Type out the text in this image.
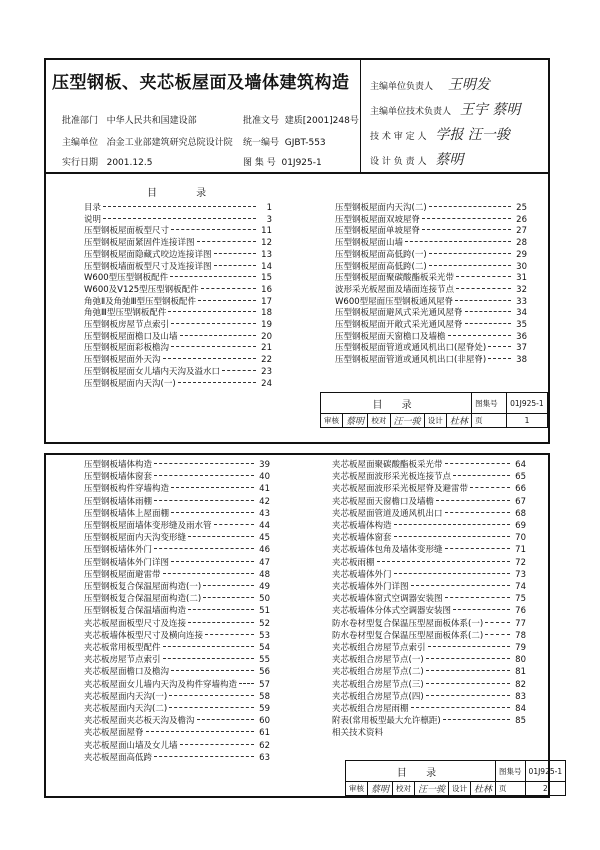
压型钢板、夹芯板屋面及墙体建筑构造
批准部门 中华人民共和国建设部	批准文号 建质[2001]248号
主编单位 冶金工业部建筑研究总院设计院 统一编号 GJBT-553
实行日期 2001.12.5	图 集 号 01J925-1
主编单位负责人 王明发
主编单位技术负责人 王宇 蔡明
技 术 审 定 人 学报 汪一骏
设 计 负 责 人 蔡明
目 录
目录	1
说明	3
压型钢板屋面板型尺寸	11
压型钢板屋面紧固件连接详图	12
压型钢板屋面隐藏式咬边连接详图	13
压型钢板墙面板型尺寸及连接详图	14
W600型压型钢板配件	15
W600及V125型压型钢板配件	16
角弛Ⅱ及角弛Ⅲ型压型钢板配件	17
角弛Ⅲ型压型钢板配件	18
压型钢板房屋节点索引	19
压型钢板屋面檐口及山墙	20
压型钢板屋面彩板檐沟	21
压型钢板屋面外天沟	22
压型钢板屋面女儿墙内天沟及溢水口	23
压型钢板屋面内天沟(一)	24
压型钢板屋面内天沟(二)	25
压型钢板屋面双坡屋脊	26
压型钢板屋面单坡屋脊	27
压型钢板屋面山墙	28
压型钢板屋面高低跨(一)	29
压型钢板屋面高低跨(二)	30
压型钢板屋面聚碳酸酯板采光带	31
波形采光板屋面及墙面连接节点	32
W600型屋面压型钢板通风屋脊	33
压型钢板屋面避风式采光通风屋脊	34
压型钢板屋面开敞式采光通风屋脊	35
压型钢板屋面天窗檐口及墙檐	36
压型钢板屋面管道或通风机出口(屋脊处)	37
压型钢板屋面管道或通风机出口(非屋脊)	38
目 录						图集号	01J925-1
审核	蔡明	校对	汪一骏	设计	杜林	页	1
压型钢板墙体构造	39
压型钢板墙体窗套	40
压型钢板构件穿墙构造	41
压型钢板墙体雨棚	42
压型钢板墙体上屋面棚	43
压型钢板屋面墙体变形缝及雨水管	44
压型钢板屋面内天沟变形缝	45
压型钢板墙体外门	46
压型钢板墙体外门详图	47
压型钢板屋面避雷带	48
压型钢板复合保温屋面构造(一)	49
压型钢板复合保温屋面构造(二)	50
压型钢板复合保温墙面构造	51
夹芯板屋面板型尺寸及连接	52
夹芯板墙体板型尺寸及横向连接	53
夹芯板常用板型配件	54
夹芯板房屋节点索引	55
夹芯板屋面檐口及檐沟	56
夹芯板屋面女儿墙内天沟及构件穿墙构造	57
夹芯板屋面内天沟(一)	58
夹芯板屋面内天沟(二)	59
夹芯板屋面夹芯板天沟及檐沟	60
夹芯板屋面屋脊	61
夹芯板屋面山墙及女儿墙	62
夹芯板屋面高低跨	63
夹芯板屋面聚碳酸酯板采光带	64
夹芯板屋面波形采光板连接节点	65
夹芯板屋面波形采光板屋脊及避雷带	66
夹芯板屋面天窗檐口及墙檐	67
夹芯板屋面管道及通风机出口	68
夹芯板墙体构造	69
夹芯板墙体窗套	70
夹芯板墙体包角及墙体变形缝	71
夹芯板雨棚	72
夹芯板墙体外门	73
夹芯板墙体外门详图	74
夹芯板墙体窗式空调器安装图	75
夹芯板墙体分体式空调器安装图	76
防水卷材型复合保温压型屋面板体系(一)	77
防水卷材型复合保温压型屋面板体系(二)	78
夹芯板组合房屋节点索引	79
夹芯板组合房屋节点(一)	80
夹芯板组合房屋节点(二)	81
夹芯板组合房屋节点(三)	82
夹芯板组合房屋节点(四)	83
夹芯板组合房屋雨棚	84
附表(常用板型最大允许檩距)	85
相关技术资料
目 录						图集号	01J925-1
审核	蔡明	校对	汪一骏	设计	杜林	页	2
